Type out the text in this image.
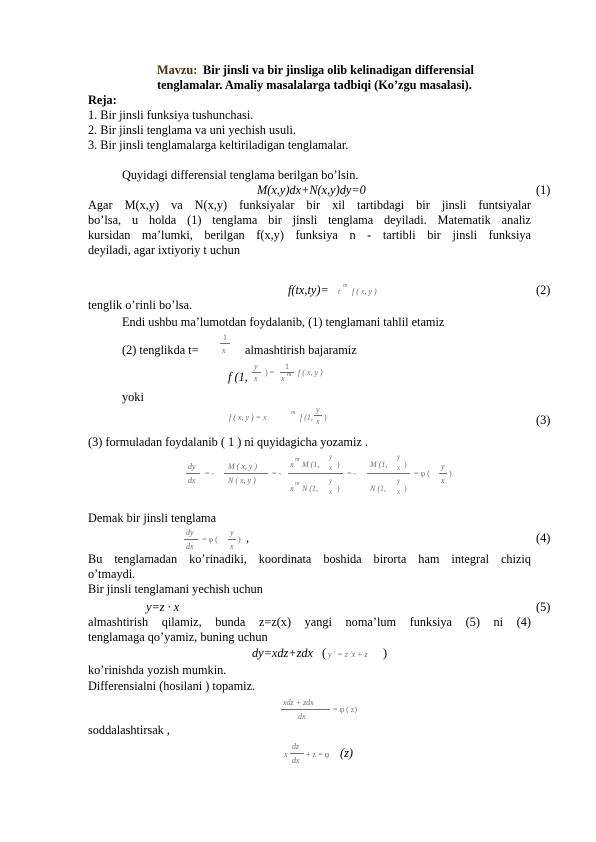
Mavzu: Bir jinsli va bir jinsliga olib kelinadigan differensial
tenglamalar. Amaliy masalalarga tadbiqi (Ko’zgu masalasi).
Reja:
1. Bir jinsli funksiya tushunchasi.
2. Bir jinsli tenglama va uni yechish usuli.
3. Bir jinsli tenglamalarga keltiriladigan tenglamalar.
Quyidagi differensial tenglama berilgan bo’lsin.
M(x,y)dx+N(x,y)dy=0	(1)
Agar M(x,y) va N(x,y) funksiyalar bir xil tartibdagi bir jinsli funtsiyalar
bo’lsa, u holda (1) tenglama bir jinsli tenglama deyiladi. Matematik analiz
kursidan ma’lumki, berilgan f(x,y) funksiya n - tartibli bir jinsli funksiya
deyiladi, agar ixtiyoriy t uchun
f(tx,ty)= t
m
f ( x, y )	(2)
tenglik o’rinli bo’lsa.
Endi ushbu ma’lumotdan foydalanib, (1) tenglamani tahlil etamiz
(2) tenglikda t=
1
x almashtirish bajaramiz
f (1,
y
x
) =
1
x m f ( x, y )
yoki
f ( x, y ) = x	m f (1,
y
x )	(3)
(3) formuladan foydalanib ( 1 ) ni quyidagicha yozamiz .
dy
dx
= -
M ( x, y )
N ( x, y )
= -
x m M (1,
y
x )
x m N (1,
y
x )
= -
M (1,
y
x )
N (1,
y
x )
= φ (
y
x
)
Demak bir jinsli tenglama
dy
dx
= φ (
y
x
) ,	(4)
Bu tenglamadan ko’rinadiki, koordinata boshida birorta ham integral chiziq
o’tmaydi.
Bir jinsli tenglamani yechish uchun
y=z · x	(5)
almashtirish qilamiz, bunda z=z(x) yangi noma’lum funksiya (5) ni (4)
tenglamaga qo’yamiz, buning uchun
dy=xdz+zdx ( y ′ = z ′x + z )
ko’rinishda yozish mumkin.
Differensialni (hosilani ) topamiz.
xdz + zdx
dx
= φ ( z)
soddalashtirsak ,
x
dz
dx
+ z = φ (z)
